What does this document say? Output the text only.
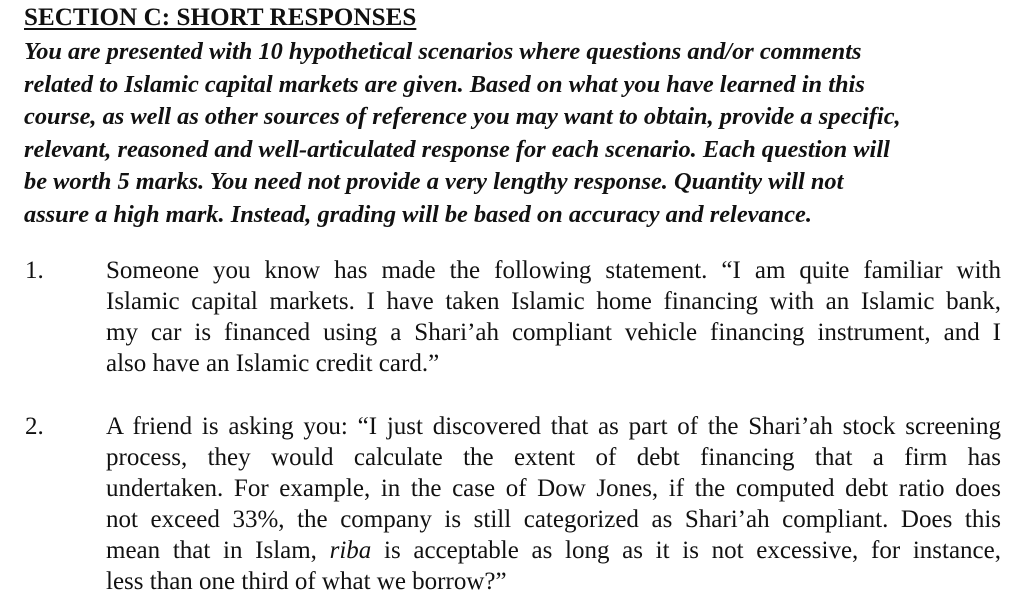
SECTION C: SHORT RESPONSES
You are presented with 10 hypothetical scenarios where questions and/or comments
related to Islamic capital markets are given. Based on what you have learned in this
course, as well as other sources of reference you may want to obtain, provide a specific,
relevant, reasoned and well-articulated response for each scenario. Each question will
be worth 5 marks. You need not provide a very lengthy response. Quantity will not
assure a high mark. Instead, grading will be based on accuracy and relevance.
1. Someone you know has made the following statement. “I am quite familiar with
Islamic capital markets. I have taken Islamic home financing with an Islamic bank,
my car is financed using a Shari’ah compliant vehicle financing instrument, and I
also have an Islamic credit card.”
2. A friend is asking you: “I just discovered that as part of the Shari’ah stock screening
process, they would calculate the extent of debt financing that a firm has
undertaken. For example, in the case of Dow Jones, if the computed debt ratio does
not exceed 33%, the company is still categorized as Shari’ah compliant. Does this
mean that in Islam, riba is acceptable as long as it is not excessive, for instance,
less than one third of what we borrow?”
